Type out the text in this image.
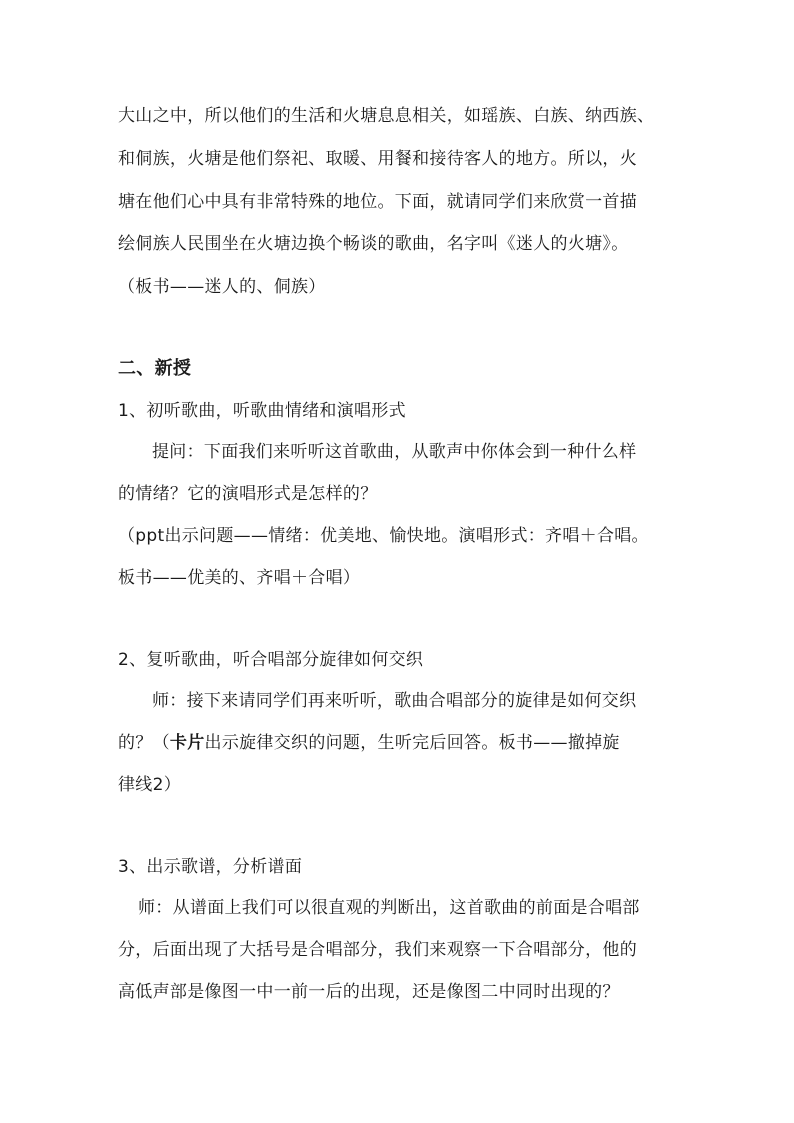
大山之中，所以他们的生活和火塘息息相关，如瑶族、白族、纳西族、
和侗族，火塘是他们祭祀、取暖、用餐和接待客人的地方。所以，火
塘在他们心中具有非常特殊的地位。下面，就请同学们来欣赏一首描
绘侗族人民围坐在火塘边换个畅谈的歌曲，名字叫《迷人的火塘》。
（板书——迷人的、侗族）
二、新授
1、初听歌曲，听歌曲情绪和演唱形式
提问：下面我们来听听这首歌曲，从歌声中你体会到一种什么样
的情绪？它的演唱形式是怎样的？
（ppt出示问题——情绪：优美地、愉快地。演唱形式：齐唱＋合唱。
板书——优美的、齐唱＋合唱）
2、复听歌曲，听合唱部分旋律如何交织
师：接下来请同学们再来听听，歌曲合唱部分的旋律是如何交织
的？（卡片出示旋律交织的问题，生听完后回答。板书——撤掉旋
律线2）
3、出示歌谱，分析谱面
师：从谱面上我们可以很直观的判断出，这首歌曲的前面是合唱部
分，后面出现了大括号是合唱部分，我们来观察一下合唱部分，他的
高低声部是像图一中一前一后的出现，还是像图二中同时出现的？
